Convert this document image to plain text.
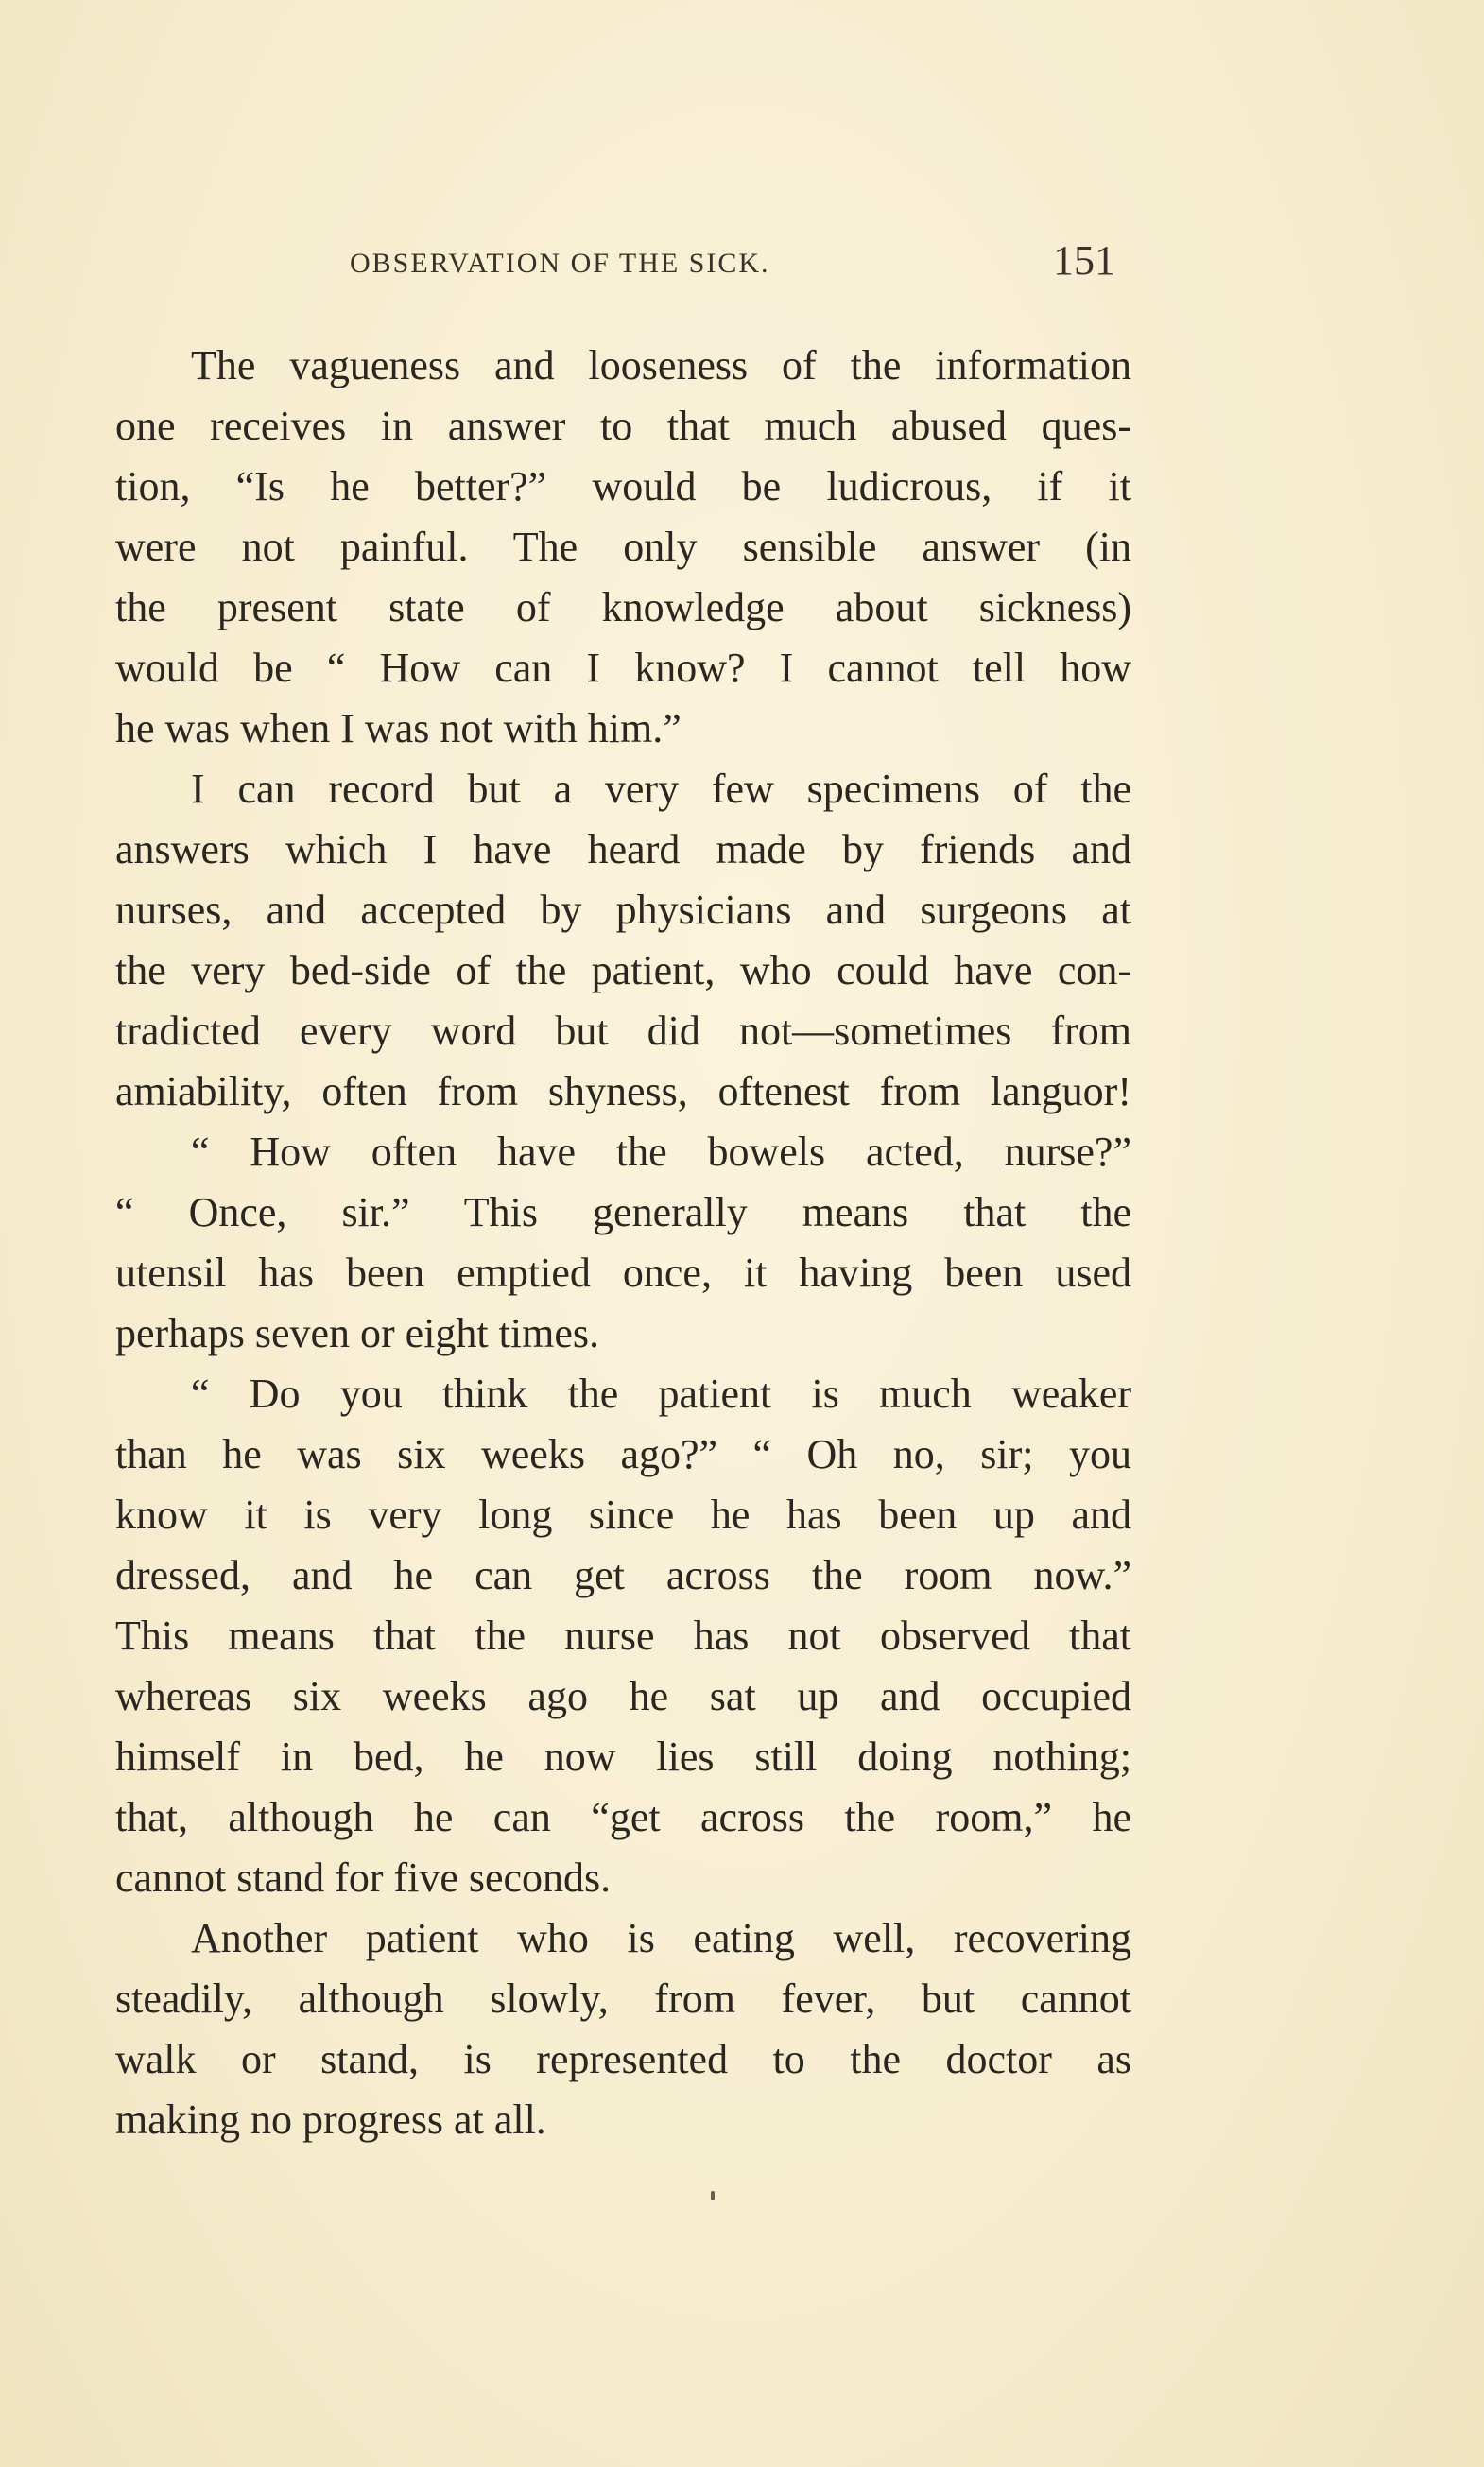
OBSERVATION OF THE SICK.	151

The vagueness and looseness of the information
one receives in answer to that much abused ques-
tion, “Is he better?” would be ludicrous, if it
were not painful. The only sensible answer (in
the present state of knowledge about sickness)
would be “ How can I know? I cannot tell how
he was when I was not with him.”

I can record but a very few specimens of the
answers which I have heard made by friends and
nurses, and accepted by physicians and surgeons at
the very bed-side of the patient, who could have con-
tradicted every word but did not—sometimes from
amiability, often from shyness, oftenest from languor!

“ How often have the bowels acted, nurse?”
“ Once, sir.” This generally means that the
utensil has been emptied once, it having been used
perhaps seven or eight times.

“ Do you think the patient is much weaker
than he was six weeks ago?” “ Oh no, sir; you
know it is very long since he has been up and
dressed, and he can get across the room now.”
This means that the nurse has not observed that
whereas six weeks ago he sat up and occupied
himself in bed, he now lies still doing nothing;
that, although he can “get across the room,” he
cannot stand for five seconds.

Another patient who is eating well, recovering
steadily, although slowly, from fever, but cannot
walk or stand, is represented to the doctor as
making no progress at all.
